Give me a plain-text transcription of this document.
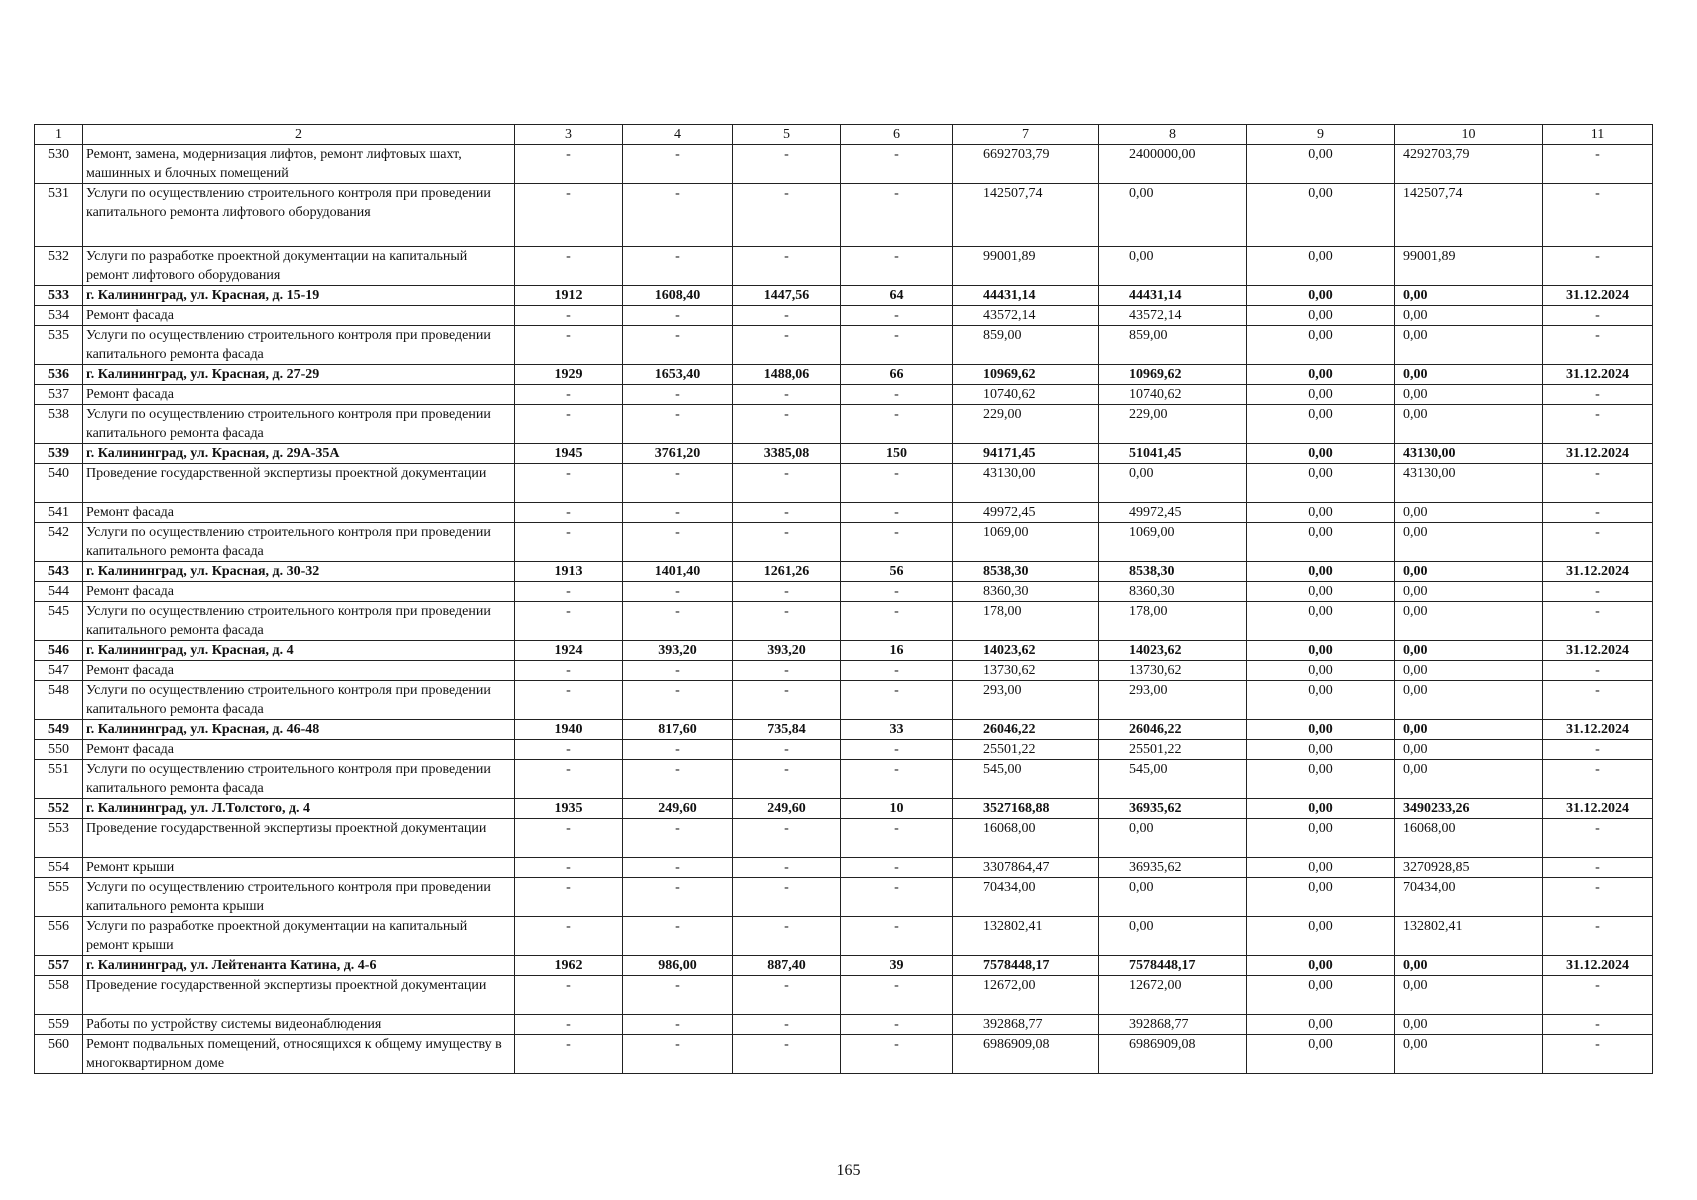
1	2	3	4	5	6	7	8	9	10	11
530	Ремонт, замена, модернизация лифтов, ремонт лифтовых шахт, машинных и блочных помещений	-	-	-	-	6692703,79	2400000,00	0,00	4292703,79	-
531	Услуги по осуществлению строительного контроля при проведении капитального ремонта лифтового оборудования	-	-	-	-	142507,74	0,00	0,00	142507,74	-
532	Услуги по разработке проектной документации на капитальный ремонт лифтового оборудования	-	-	-	-	99001,89	0,00	0,00	99001,89	-
533	г. Калининград, ул. Красная, д. 15-19	1912	1608,40	1447,56	64	44431,14	44431,14	0,00	0,00	31.12.2024
534	Ремонт фасада	-	-	-	-	43572,14	43572,14	0,00	0,00	-
535	Услуги по осуществлению строительного контроля при проведении капитального ремонта фасада	-	-	-	-	859,00	859,00	0,00	0,00	-
536	г. Калининград, ул. Красная, д. 27-29	1929	1653,40	1488,06	66	10969,62	10969,62	0,00	0,00	31.12.2024
537	Ремонт фасада	-	-	-	-	10740,62	10740,62	0,00	0,00	-
538	Услуги по осуществлению строительного контроля при проведении капитального ремонта фасада	-	-	-	-	229,00	229,00	0,00	0,00	-
539	г. Калининград, ул. Красная, д. 29А-35А	1945	3761,20	3385,08	150	94171,45	51041,45	0,00	43130,00	31.12.2024
540	Проведение государственной экспертизы проектной документации	-	-	-	-	43130,00	0,00	0,00	43130,00	-
541	Ремонт фасада	-	-	-	-	49972,45	49972,45	0,00	0,00	-
542	Услуги по осуществлению строительного контроля при проведении капитального ремонта фасада	-	-	-	-	1069,00	1069,00	0,00	0,00	-
543	г. Калининград, ул. Красная, д. 30-32	1913	1401,40	1261,26	56	8538,30	8538,30	0,00	0,00	31.12.2024
544	Ремонт фасада	-	-	-	-	8360,30	8360,30	0,00	0,00	-
545	Услуги по осуществлению строительного контроля при проведении капитального ремонта фасада	-	-	-	-	178,00	178,00	0,00	0,00	-
546	г. Калининград, ул. Красная, д. 4	1924	393,20	393,20	16	14023,62	14023,62	0,00	0,00	31.12.2024
547	Ремонт фасада	-	-	-	-	13730,62	13730,62	0,00	0,00	-
548	Услуги по осуществлению строительного контроля при проведении капитального ремонта фасада	-	-	-	-	293,00	293,00	0,00	0,00	-
549	г. Калининград, ул. Красная, д. 46-48	1940	817,60	735,84	33	26046,22	26046,22	0,00	0,00	31.12.2024
550	Ремонт фасада	-	-	-	-	25501,22	25501,22	0,00	0,00	-
551	Услуги по осуществлению строительного контроля при проведении капитального ремонта фасада	-	-	-	-	545,00	545,00	0,00	0,00	-
552	г. Калининград, ул. Л.Толстого, д. 4	1935	249,60	249,60	10	3527168,88	36935,62	0,00	3490233,26	31.12.2024
553	Проведение государственной экспертизы проектной документации	-	-	-	-	16068,00	0,00	0,00	16068,00	-
554	Ремонт крыши	-	-	-	-	3307864,47	36935,62	0,00	3270928,85	-
555	Услуги по осуществлению строительного контроля при проведении капитального ремонта крыши	-	-	-	-	70434,00	0,00	0,00	70434,00	-
556	Услуги по разработке проектной документации на капитальный ремонт крыши	-	-	-	-	132802,41	0,00	0,00	132802,41	-
557	г. Калининград, ул. Лейтенанта Катина, д. 4-6	1962	986,00	887,40	39	7578448,17	7578448,17	0,00	0,00	31.12.2024
558	Проведение государственной экспертизы проектной документации	-	-	-	-	12672,00	12672,00	0,00	0,00	-
559	Работы по устройству системы видеонаблюдения	-	-	-	-	392868,77	392868,77	0,00	0,00	-
560	Ремонт подвальных помещений, относящихся к общему имуществу в многоквартирном доме	-	-	-	-	6986909,08	6986909,08	0,00	0,00	-
165
